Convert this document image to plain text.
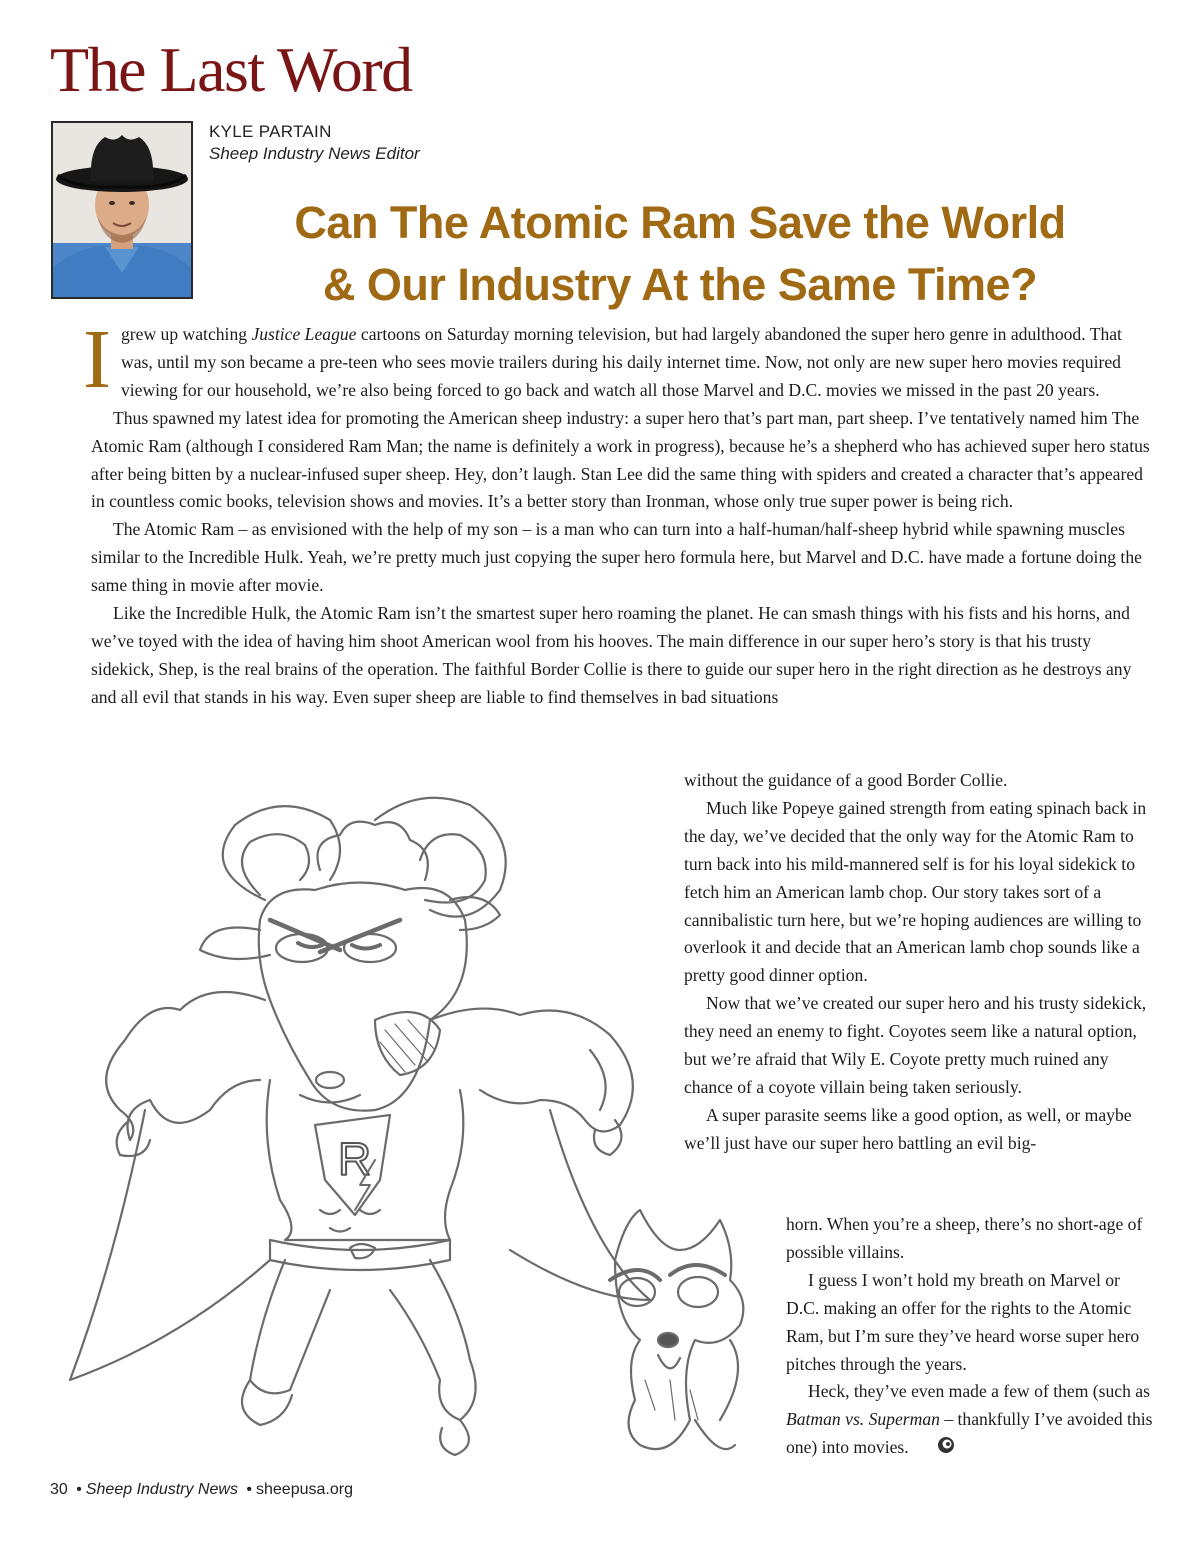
The Last Word
KYLE PARTAIN
Sheep Industry News Editor
Can The Atomic Ram Save the World
& Our Industry At the Same Time?

Igrew up watching Justice League cartoons on Saturday morning television, but had largely abandoned the super hero genre in adulthood. That was, until my son became a pre-teen who sees movie trailers during his daily internet time. Now, not only are new super hero movies required viewing for our household, we’re also being forced to go back and watch all those Marvel and D.C. movies we missed in the past 20 years.

Thus spawned my latest idea for promoting the American sheep industry: a super hero that’s part man, part sheep. I’ve tentatively named him The Atomic Ram (although I considered Ram Man; the name is definitely a work in progress), because he’s a shepherd who has achieved super hero status after being bitten by a nuclear-infused super sheep. Hey, don’t laugh. Stan Lee did the same thing with spiders and created a character that’s appeared in countless comic books, television shows and movies. It’s a better story than Ironman, whose only true super power is being rich.

The Atomic Ram – as envisioned with the help of my son – is a man who can turn into a half-human/half-sheep hybrid while spawning muscles similar to the Incredible Hulk. Yeah, we’re pretty much just copying the super hero formula here, but Marvel and D.C. have made a fortune doing the same thing in movie after movie.

Like the Incredible Hulk, the Atomic Ram isn’t the smartest super hero roaming the planet. He can smash things with his fists and his horns, and we’ve toyed with the idea of having him shoot American wool from his hooves. The main difference in our super hero’s story is that his trusty sidekick, Shep, is the real brains of the operation. The faithful Border Collie is there to guide our super hero in the right direction as he destroys any and all evil that stands in his way. Even super sheep are liable to find themselves in bad situations

without the guidance of a good Border Collie.

Much like Popeye gained strength from eating spinach back in the day, we’ve decided that the only way for the Atomic Ram to turn back into his mild-mannered self is for his loyal sidekick to fetch him an American lamb chop. Our story takes sort of a cannibalistic turn here, but we’re hoping audiences are willing to overlook it and decide that an American lamb chop sounds like a pretty good dinner option.

Now that we’ve created our super hero and his trusty sidekick, they need an enemy to fight. Coyotes seem like a natural option, but we’re afraid that Wily E. Coyote pretty much ruined any chance of a coyote villain being taken seriously.

A super parasite seems like a good option, as well, or maybe we’ll just have our super hero battling an evil big-

horn. When you’re a sheep, there’s no short-age of possible villains.

I guess I won’t hold my breath on Marvel or D.C. making an offer for the rights to the Atomic Ram, but I’m sure they’ve heard worse super hero pitches through the years.

Heck, they’ve even made a few of them (such as Batman vs. Superman – thankfully I’ve avoided this one) into movies.

R
30 • Sheep Industry News • sheepusa.org
